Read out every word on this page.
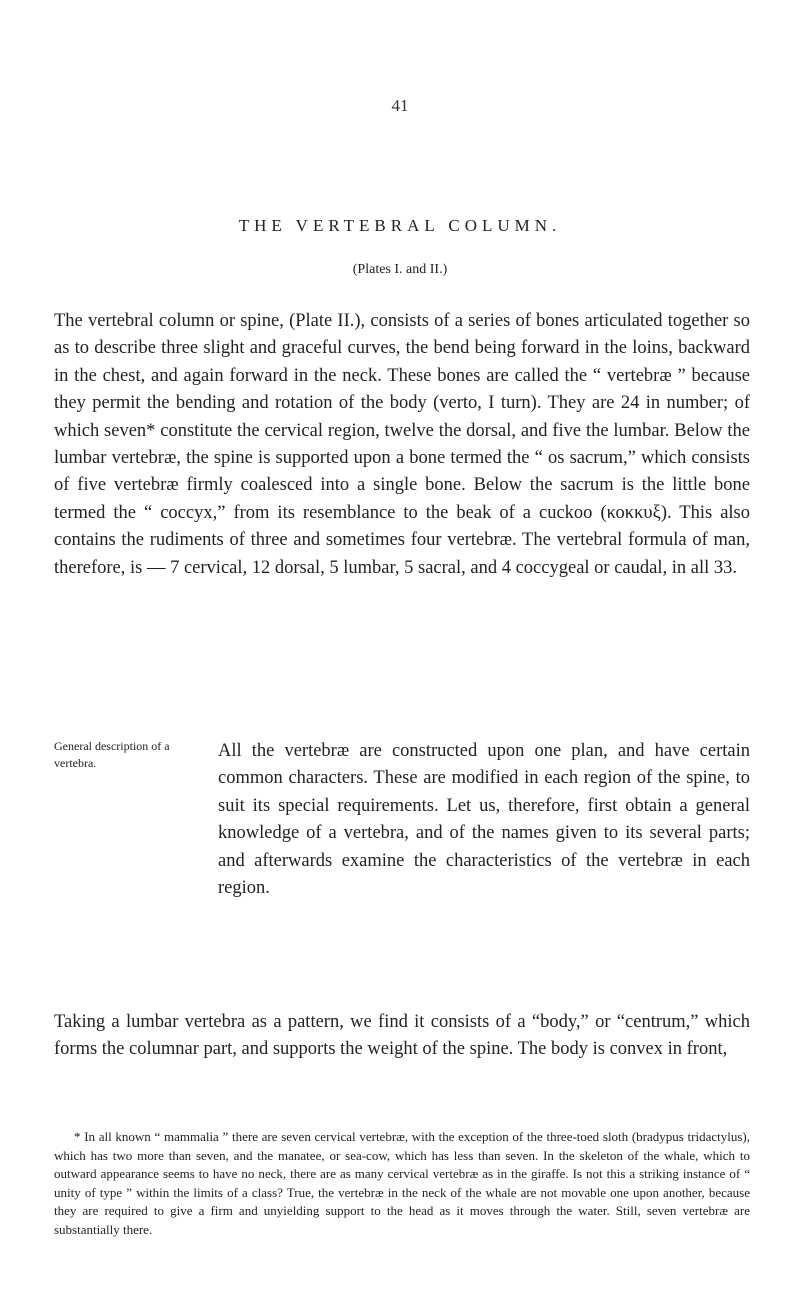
41
THE VERTEBRAL COLUMN.
(Plates I. and II.)

The vertebral column or spine, (Plate II.), consists of a series of bones articulated together so as to describe three slight and graceful curves, the bend being forward in the loins, backward in the chest, and again forward in the neck. These bones are called the “ vertebræ ” because they permit the bending and rotation of the body (verto, I turn). They are 24 in number; of which seven* constitute the cervical region, twelve the dorsal, and five the lumbar. Below the lumbar vertebræ, the spine is supported upon a bone termed the “ os sacrum,” which consists of five vertebræ firmly coalesced into a single bone. Below the sacrum is the little bone termed the “ coccyx,” from its resemblance to the beak of a cuckoo (κοκκυξ). This also contains the rudiments of three and sometimes four vertebræ. The vertebral formula of man, therefore, is — 7 cervical, 12 dorsal, 5 lumbar, 5 sacral, and 4 coccygeal or caudal, in all 33.

General description of a vertebra.

All the vertebræ are constructed upon one plan, and have certain common characters. These are modified in each region of the spine, to suit its special requirements. Let us, therefore, first obtain a general knowledge of a vertebra, and of the names given to its several parts; and afterwards examine the characteristics of the vertebræ in each region.

Taking a lumbar vertebra as a pattern, we find it consists of a “body,” or “centrum,” which forms the columnar part, and supports the weight of the spine. The body is convex in front,

* In all known “ mammalia ” there are seven cervical vertebræ, with the exception of the three-toed sloth (bradypus tridactylus), which has two more than seven, and the manatee, or sea-cow, which has less than seven. In the skeleton of the whale, which to outward appearance seems to have no neck, there are as many cervical vertebræ as in the giraffe. Is not this a striking instance of “ unity of type ” within the limits of a class? True, the vertebræ in the neck of the whale are not movable one upon another, because they are required to give a firm and unyielding support to the head as it moves through the water. Still, seven vertebræ are substantially there.
